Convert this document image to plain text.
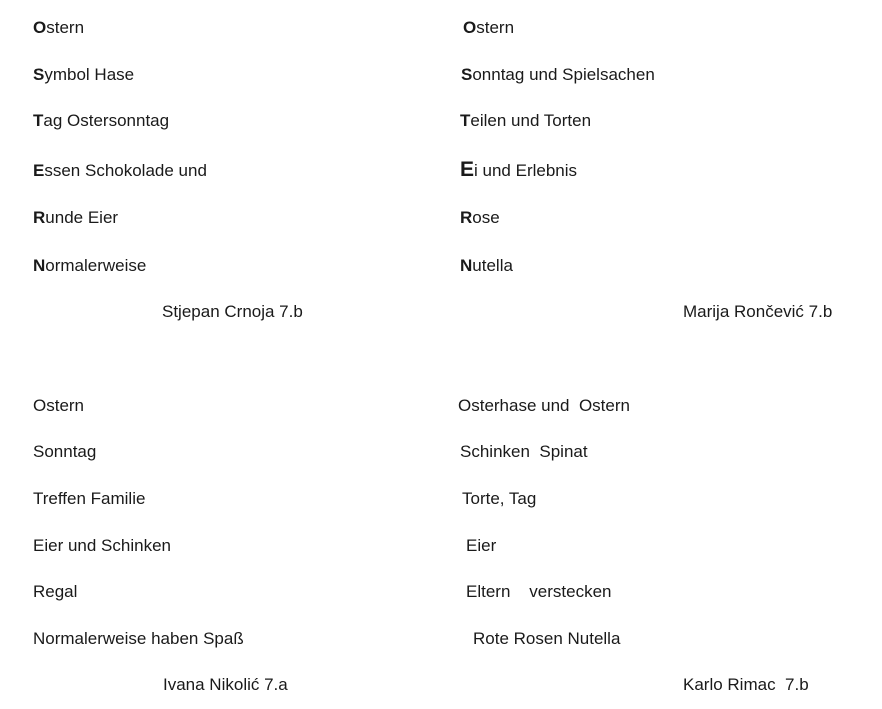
Ostern
Symbol Hase
Tag Ostersonntag
Essen Schokolade und
Runde Eier
Normalerweise
Stjepan Crnoja 7.b
Ostern
Sonntag und Spielsachen
Teilen und Torten
Ei und Erlebnis
Rose
Nutella
Marija Rončević 7.b
Ostern
Sonntag
Treffen Familie
Eier und Schinken
Regal
Normalerweise haben Spaß
Ivana Nikolić 7.a
Osterhase und  Ostern
Schinken  Spinat
Torte, Tag
Eier
Eltern    verstecken
Rote Rosen Nutella
Karlo Rimac  7.b
